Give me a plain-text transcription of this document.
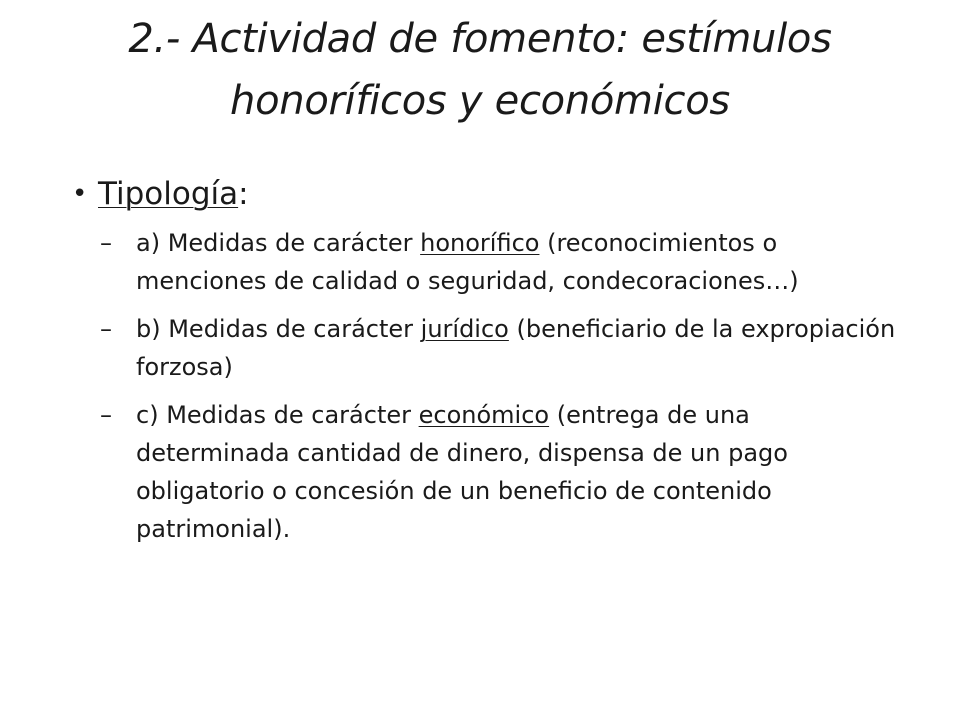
2.- Actividad de fomento: estímulos
honoríficos y económicos
• Tipología:
– a) Medidas de carácter honorífico (reconocimientos o menciones de calidad o seguridad, condecoraciones…)
– b) Medidas de carácter jurídico (beneficiario de la expropiación forzosa)
– c) Medidas de carácter económico (entrega de una determinada cantidad de dinero, dispensa de un pago obligatorio o concesión de un beneficio de contenido patrimonial).
